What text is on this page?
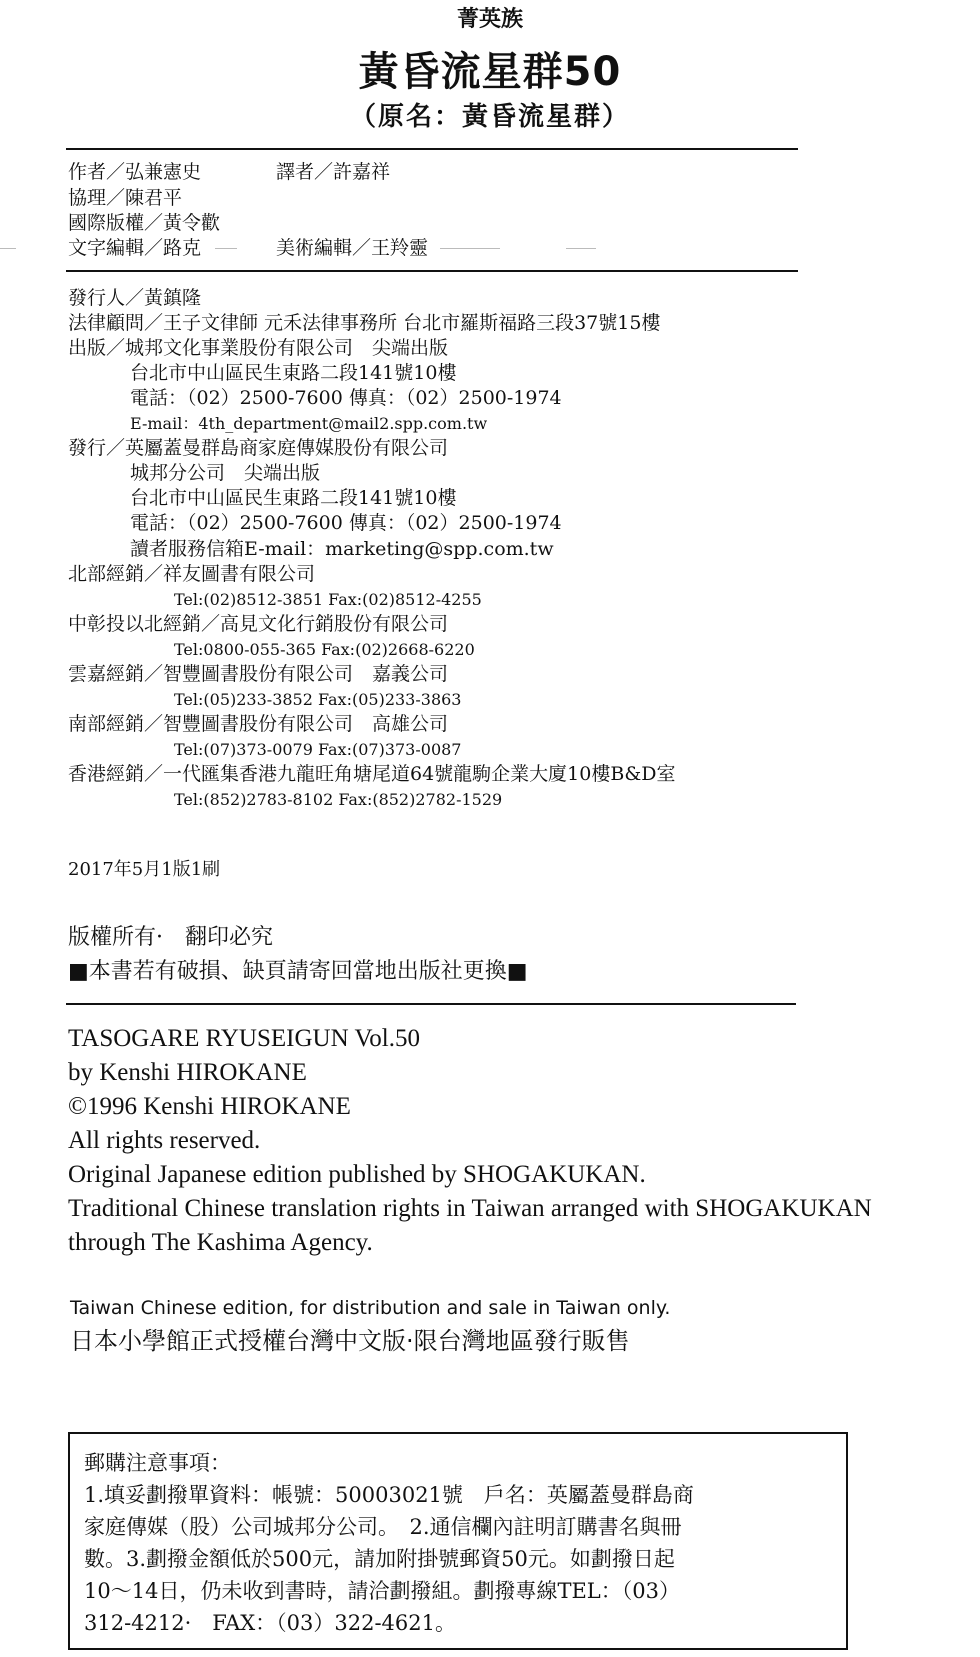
菁英族
黃昏流星群50
（原名：黃昏流星群）
作者／弘兼憲史	譯者／許嘉祥
協理／陳君平
國際版權／黃令歡
文字編輯／路克	美術編輯／王羚靈
發行人／黃鎮隆
法律顧問／王子文律師 元禾法律事務所 台北市羅斯福路三段37號15樓
出版／城邦文化事業股份有限公司　尖端出版
台北市中山區民生東路二段141號10樓
電話：（02）2500-7600 傳真：（02）2500-1974
E-mail：4th_department@mail2.spp.com.tw
發行／英屬蓋曼群島商家庭傳媒股份有限公司
城邦分公司　尖端出版
台北市中山區民生東路二段141號10樓
電話：（02）2500-7600 傳真：（02）2500-1974
讀者服務信箱E-mail：marketing@spp.com.tw
北部經銷／祥友圖書有限公司
Tel:(02)8512-3851 Fax:(02)8512-4255
中彰投以北經銷／高見文化行銷股份有限公司
Tel:0800-055-365 Fax:(02)2668-6220
雲嘉經銷／智豐圖書股份有限公司　嘉義公司
Tel:(05)233-3852 Fax:(05)233-3863
南部經銷／智豐圖書股份有限公司　高雄公司
Tel:(07)373-0079 Fax:(07)373-0087
香港經銷／一代匯集香港九龍旺角塘尾道64號龍駒企業大廈10樓B&D室
Tel:(852)2783-8102 Fax:(852)2782-1529
2017年5月1版1刷
版權所有·　翻印必究
■本書若有破損、缺頁請寄回當地出版社更換■
TASOGARE RYUSEIGUN Vol.50
by Kenshi HIROKANE
©1996 Kenshi HIROKANE
All rights reserved.
Original Japanese edition published by SHOGAKUKAN.
Traditional Chinese translation rights in Taiwan arranged with SHOGAKUKAN
through The Kashima Agency.
Taiwan Chinese edition, for distribution and sale in Taiwan only.
日本小學館正式授權台灣中文版·限台灣地區發行販售
郵購注意事項：
1.填妥劃撥單資料：帳號：50003021號　戶名：英屬蓋曼群島商
家庭傳媒（股）公司城邦分公司。　2.通信欄內註明訂購書名與冊
數。3.劃撥金額低於500元，請加附掛號郵資50元。如劃撥日起
10～14日，仍未收到書時，請洽劃撥組。劃撥專線TEL：（03）
312-4212·　FAX：（03）322-4621。
